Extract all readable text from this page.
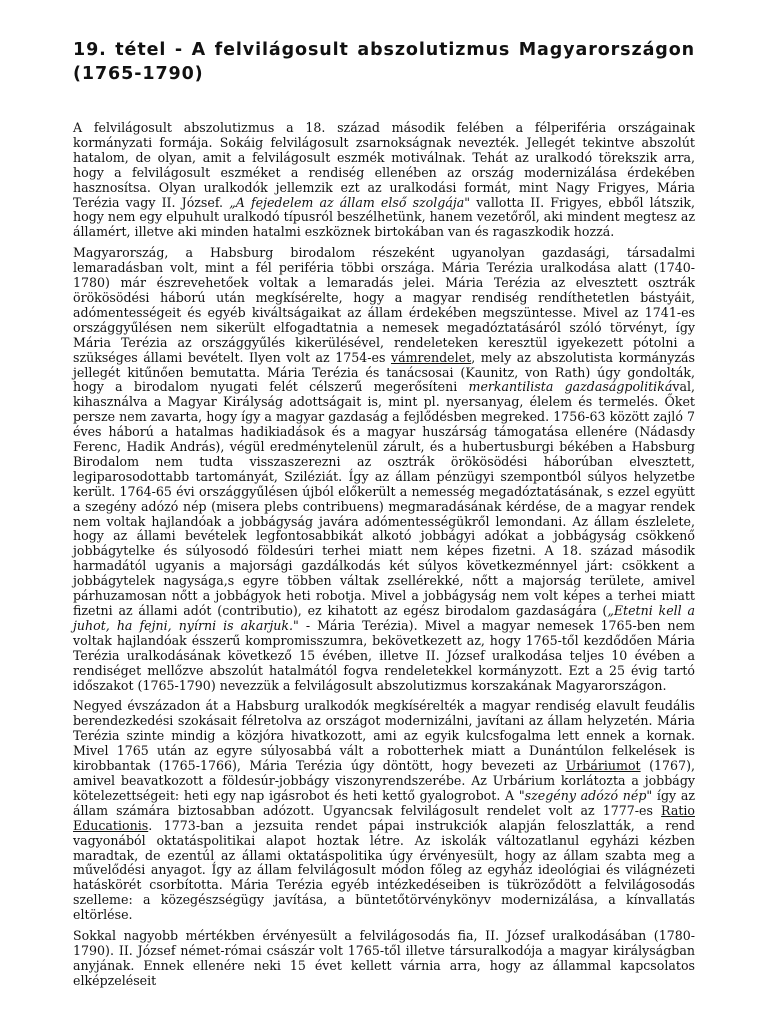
19. tétel - A felvilágosult abszolutizmus Magyarországon (1765-1790)

A felvilágosult abszolutizmus a 18. század második felében a félperiféria országainak kormányzati formája. Sokáig felvilágosult zsarnokságnak nevezték. Jellegét tekintve abszolút hatalom, de olyan, amit a felvilágosult eszmék motiválnak. Tehát az uralkodó törekszik arra, hogy a felvilágosult eszméket a rendiség ellenében az ország modernizálása érdekében hasznosítsa. Olyan uralkodók jellemzik ezt az uralkodási formát, mint Nagy Frigyes, Mária Terézia vagy II. József. „A fejedelem az állam első szolgája" vallotta II. Frigyes, ebből látszik, hogy nem egy elpuhult uralkodó típusról beszélhetünk, hanem vezetőről, aki mindent megtesz az államért, illetve aki minden hatalmi eszköznek birtokában van és ragaszkodik hozzá.

Magyarország, a Habsburg birodalom részeként ugyanolyan gazdasági, társadalmi lemaradásban volt, mint a fél periféria többi országa. Mária Terézia uralkodása alatt (1740-1780) már észrevehetőek voltak a lemaradás jelei. Mária Terézia az elvesztett osztrák örökösödési háború után megkísérelte, hogy a magyar rendiség rendíthetetlen bástyáit, adómentességeit és egyéb kiváltságaikat az állam érdekében megszüntesse. Mivel az 1741-es országgyűlésen nem sikerült elfogadtatnia a nemesek megadóztatásáról szóló törvényt, így Mária Terézia az országgyűlés kikerülésével, rendeleteken keresztül igyekezett pótolni a szükséges állami bevételt. Ilyen volt az 1754-es vámrendelet, mely az abszolutista kormányzás jellegét kitűnően bemutatta. Mária Terézia és tanácsosai (Kaunitz, von Rath) úgy gondolták, hogy a birodalom nyugati felét célszerű megerősíteni merkantilista gazdaságpolitikával, kihasználva a Magyar Királyság adottságait is, mint pl. nyersanyag, élelem és termelés. Őket persze nem zavarta, hogy így a magyar gazdaság a fejlődésben megreked. 1756-63 között zajló 7 éves háború a hatalmas hadikiadások és a magyar huszárság támogatása ellenére (Nádasdy Ferenc, Hadik András), végül eredménytelenül zárult, és a hubertusburgi békében a Habsburg Birodalom nem tudta visszaszerezni az osztrák örökösödési háborúban elvesztett, legiparosodottabb tartományát, Sziléziát. Így az állam pénzügyi szempontból súlyos helyzetbe került. 1764-65 évi országgyűlésen újból előkerült a nemesség megadóztatásának, s ezzel együtt a szegény adózó nép (misera plebs contribuens) megmaradásának kérdése, de a magyar rendek nem voltak hajlandóak a jobbágyság javára adómentességükről lemondani. Az állam észlelete, hogy az állami bevételek legfontosabbikát alkotó jobbágyi adókat a jobbágyság csökkenő jobbágytelke és súlyosodó földesúri terhei miatt nem képes fizetni. A 18. század második harmadától ugyanis a majorsági gazdálkodás két súlyos következménnyel járt: csökkent a jobbágytelek nagysága,s egyre többen váltak zsellérekké, nőtt a majorság területe, amivel párhuzamosan nőtt a jobbágyok heti robotja. Mivel a jobbágyság nem volt képes a terhei miatt fizetni az állami adót (contributio), ez kihatott az egész birodalom gazdaságára („Etetni kell a juhot, ha fejni, nyírni is akarjuk." - Mária Terézia). Mivel a magyar nemesek 1765-ben nem voltak hajlandóak ésszerű kompromisszumra, bekövetkezett az, hogy 1765-től kezdődően Mária Terézia uralkodásának következő 15 évében, illetve II. József uralkodása teljes 10 évében a rendiséget mellőzve abszolút hatalmától fogva rendeletekkel kormányzott. Ezt a 25 évig tartó időszakot (1765-1790) nevezzük a felvilágosult abszolutizmus korszakának Magyarországon.

Negyed évszázadon át a Habsburg uralkodók megkísérelték a magyar rendiség elavult feudális berendezkedési szokásait félretolva az országot modernizálni, javítani az állam helyzetén. Mária Terézia szinte mindig a közjóra hivatkozott, ami az egyik kulcsfogalma lett ennek a kornak. Mivel 1765 után az egyre súlyosabbá vált a robotterhek miatt a Dunántúlon felkelések is kirobbantak (1765-1766), Mária Terézia úgy döntött, hogy bevezeti az Urbáriumot (1767), amivel beavatkozott a földesúr-jobbágy viszonyrendszerébe. Az Urbárium korlátozta a jobbágy kötelezettségeit: heti egy nap igásrobot és heti kettő gyalogrobot. A "szegény adózó nép" így az állam számára biztosabban adózott. Ugyancsak felvilágosult rendelet volt az 1777-es Ratio Educationis. 1773-ban a jezsuita rendet pápai instrukciók alapján feloszlatták, a rend vagyonából oktatáspolitikai alapot hoztak létre. Az iskolák változatlanul egyházi kézben maradtak, de ezentúl az állami oktatáspolitika úgy érvényesült, hogy az állam szabta meg a művelődési anyagot. Így az állam felvilágosult módon főleg az egyház ideológiai és világnézeti hatáskörét csorbította. Mária Terézia egyéb intézkedéseiben is tükröződött a felvilágosodás szelleme: a közegészségügy javítása, a büntetőtörvénykönyv modernizálása, a kínvallatás eltörlése.

Sokkal nagyobb mértékben érvényesült a felvilágosodás fia, II. József uralkodásában (1780-1790). II. József német-római császár volt 1765-től illetve társuralkodója a magyar királyságban anyjának. Ennek ellenére neki 15 évet kellett várnia arra, hogy az állammal kapcsolatos elképzeléseit
